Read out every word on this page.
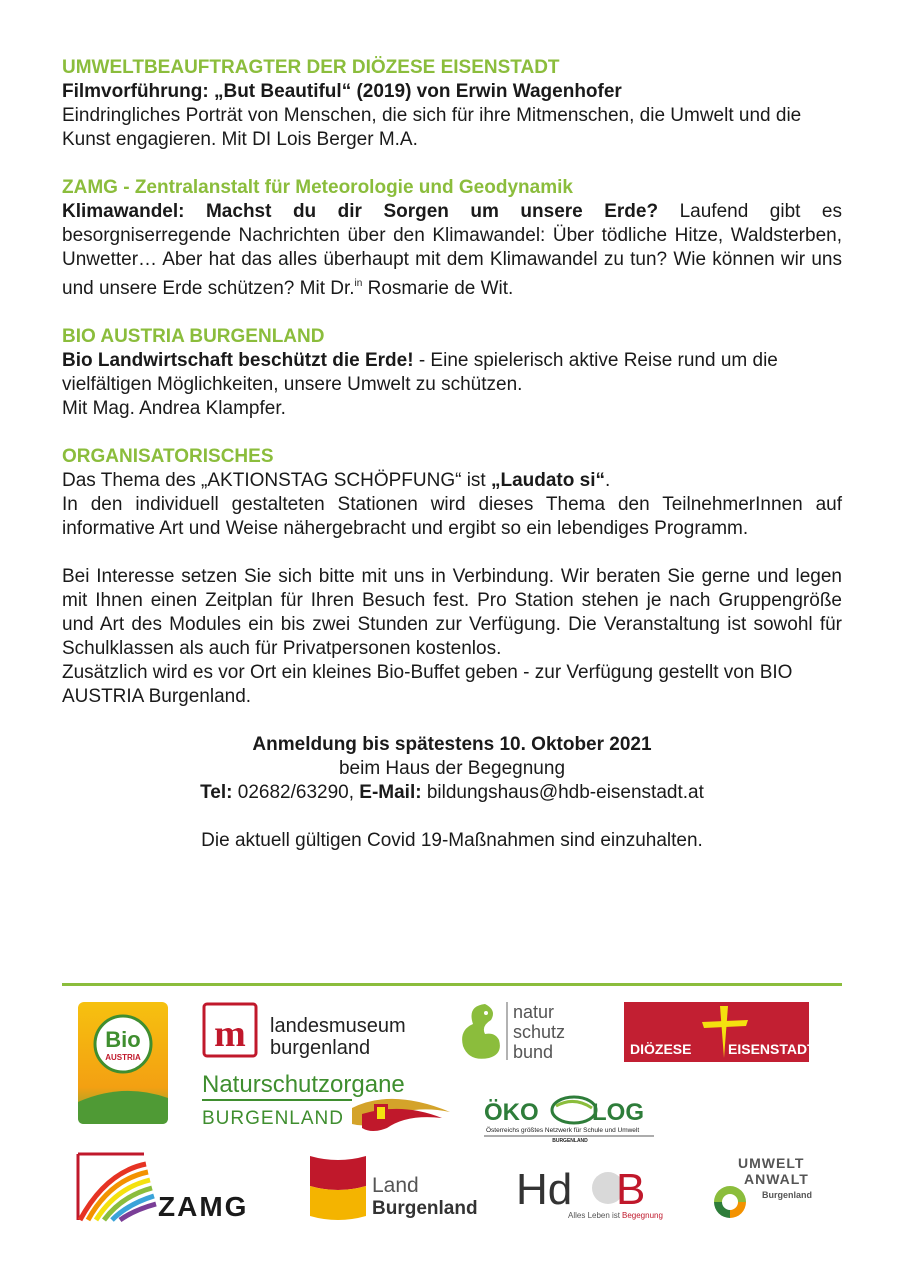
UMWELTBEAUFTRAGTER DER DIÖZESE EISENSTADT

Filmvorführung: „But Beautiful“ (2019) von Erwin Wagenhofer

Eindringliches Porträt von Menschen, die sich für ihre Mitmenschen, die Umwelt und die Kunst engagieren. Mit DI Lois Berger M.A.

ZAMG - Zentralanstalt für Meteorologie und Geodynamik

Klimawandel: Machst du dir Sorgen um unsere Erde? Laufend gibt es besorgniserregende Nachrichten über den Klimawandel: Über tödliche Hitze, Waldsterben, Unwetter… Aber hat das alles überhaupt mit dem Klimawandel zu tun? Wie können wir uns und unsere Erde schützen? Mit Dr.$^{in}$ Rosmarie de Wit.

BIO AUSTRIA BURGENLAND

Bio Landwirtschaft beschützt die Erde! - Eine spielerisch aktive Reise rund um die vielfältigen Möglichkeiten, unsere Umwelt zu schützen.

Mit Mag. Andrea Klampfer.

ORGANISATORISCHES

Das Thema des „AKTIONSTAG SCHÖPFUNG“ ist „Laudato si“.

In den individuell gestalteten Stationen wird dieses Thema den TeilnehmerInnen auf informative Art und Weise nähergebracht und ergibt so ein lebendiges Programm.

Bei Interesse setzen Sie sich bitte mit uns in Verbindung. Wir beraten Sie gerne und legen mit Ihnen einen Zeitplan für Ihren Besuch fest. Pro Station stehen je nach Gruppengröße und Art des Modules ein bis zwei Stunden zur Verfügung. Die Veranstaltung ist sowohl für Schulklassen als auch für Privatpersonen kostenlos.

Zusätzlich wird es vor Ort ein kleines Bio-Buffet geben - zur Verfügung gestellt von BIO AUSTRIA Burgenland.

Anmeldung bis spätestens 10. Oktober 2021

beim Haus der Begegnung

Tel: 02682/63290, E-Mail: bildungshaus@hdb-eisenstadt.at

Die aktuell gültigen Covid 19-Maßnahmen sind einzuhalten.

Bio
AUSTRIA
m landesmuseum
burgenland
natur
schutz
bund	DIÖZESE	EISENSTADT
Naturschutzorgane
BURGENLAND	ÖKO LOG
Österreichs größtes Netzwerk für Schule und Umwelt
BURGENLAND
ZAMG
Land
Burgenland Hd B
Alles Leben ist Begegnung
UMWELT
ANWALT
Burgenland
